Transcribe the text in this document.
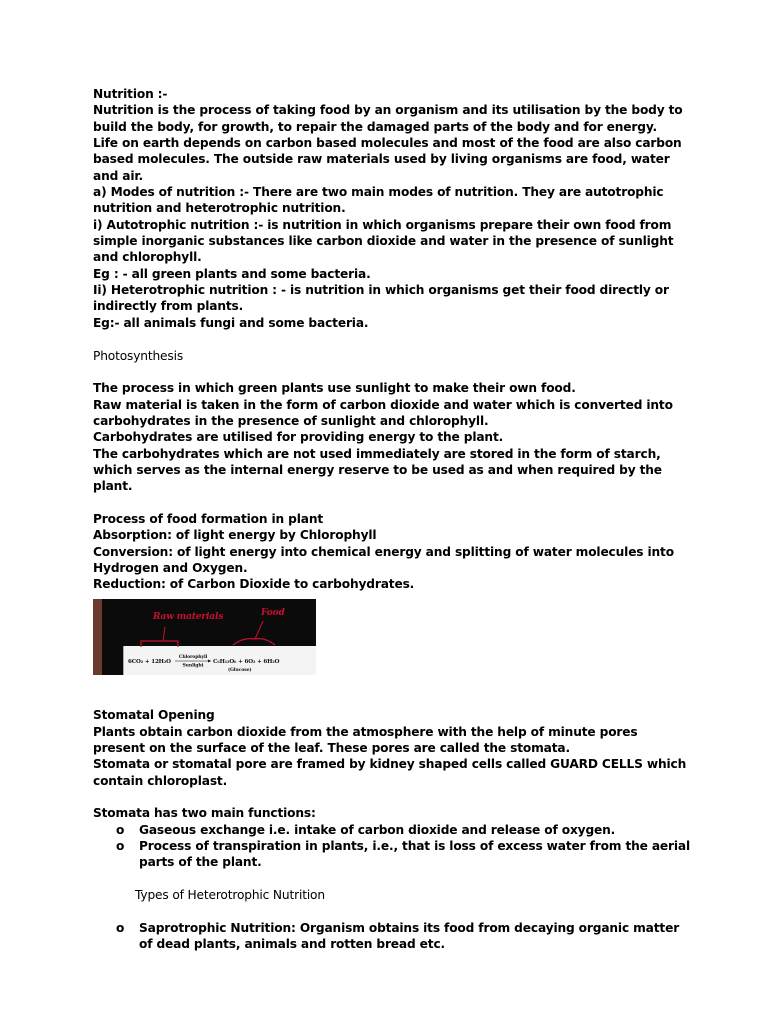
Nutrition :-

Nutrition is the process of taking food by an organism and its utilisation by the body to build the body, for growth, to repair the damaged parts of the body and for energy.

Life on earth depends on carbon based molecules and most of the food are also carbon based molecules. The outside raw materials used by living organisms are food, water and air.

a) Modes of nutrition :- There are two main modes of nutrition. They are autotrophic nutrition and heterotrophic nutrition.

i) Autotrophic nutrition :- is nutrition in which organisms prepare their own food from simple inorganic substances like carbon dioxide and water in the presence of sunlight and chlorophyll.

Eg : - all green plants and some bacteria.

Ii) Heterotrophic nutrition : - is nutrition in which organisms get their food directly or indirectly from plants.

Eg:- all animals fungi and some bacteria.

Photosynthesis

The process in which green plants use sunlight to make their own food.

Raw material is taken in the form of carbon dioxide and water which is converted into carbohydrates in the presence of sunlight and chlorophyll.

Carbohydrates are utilised for providing energy to the plant.

The carbohydrates which are not used immediately are stored in the form of starch, which serves as the internal energy reserve to be used as and when required by the plant.

Process of food formation in plant

Absorption: of light energy by Chlorophyll

Conversion: of light energy into chemical energy and splitting of water molecules into Hydrogen and Oxygen.

Reduction: of Carbon Dioxide to carbohydrates.

Raw materials	Food
6CO₂ + 12H₂O
Chlorophyll
Sunlight
C₆H₁₂O₆ + 6O₂ + 6H₂O
(Glucose)

Stomatal Opening

Plants obtain carbon dioxide from the atmosphere with the help of minute pores present on the surface of the leaf. These pores are called the stomata.

Stomata or stomatal pore are framed by kidney shaped cells called GUARD CELLS which contain chloroplast.

Stomata has two main functions:

o Gaseous exchange i.e. intake of carbon dioxide and release of oxygen.
o Process of transpiration in plants, i.e., that is loss of excess water from the aerial parts of the plant.

Types of Heterotrophic Nutrition

o Saprotrophic Nutrition: Organism obtains its food from decaying organic matter of dead plants, animals and rotten bread etc.
